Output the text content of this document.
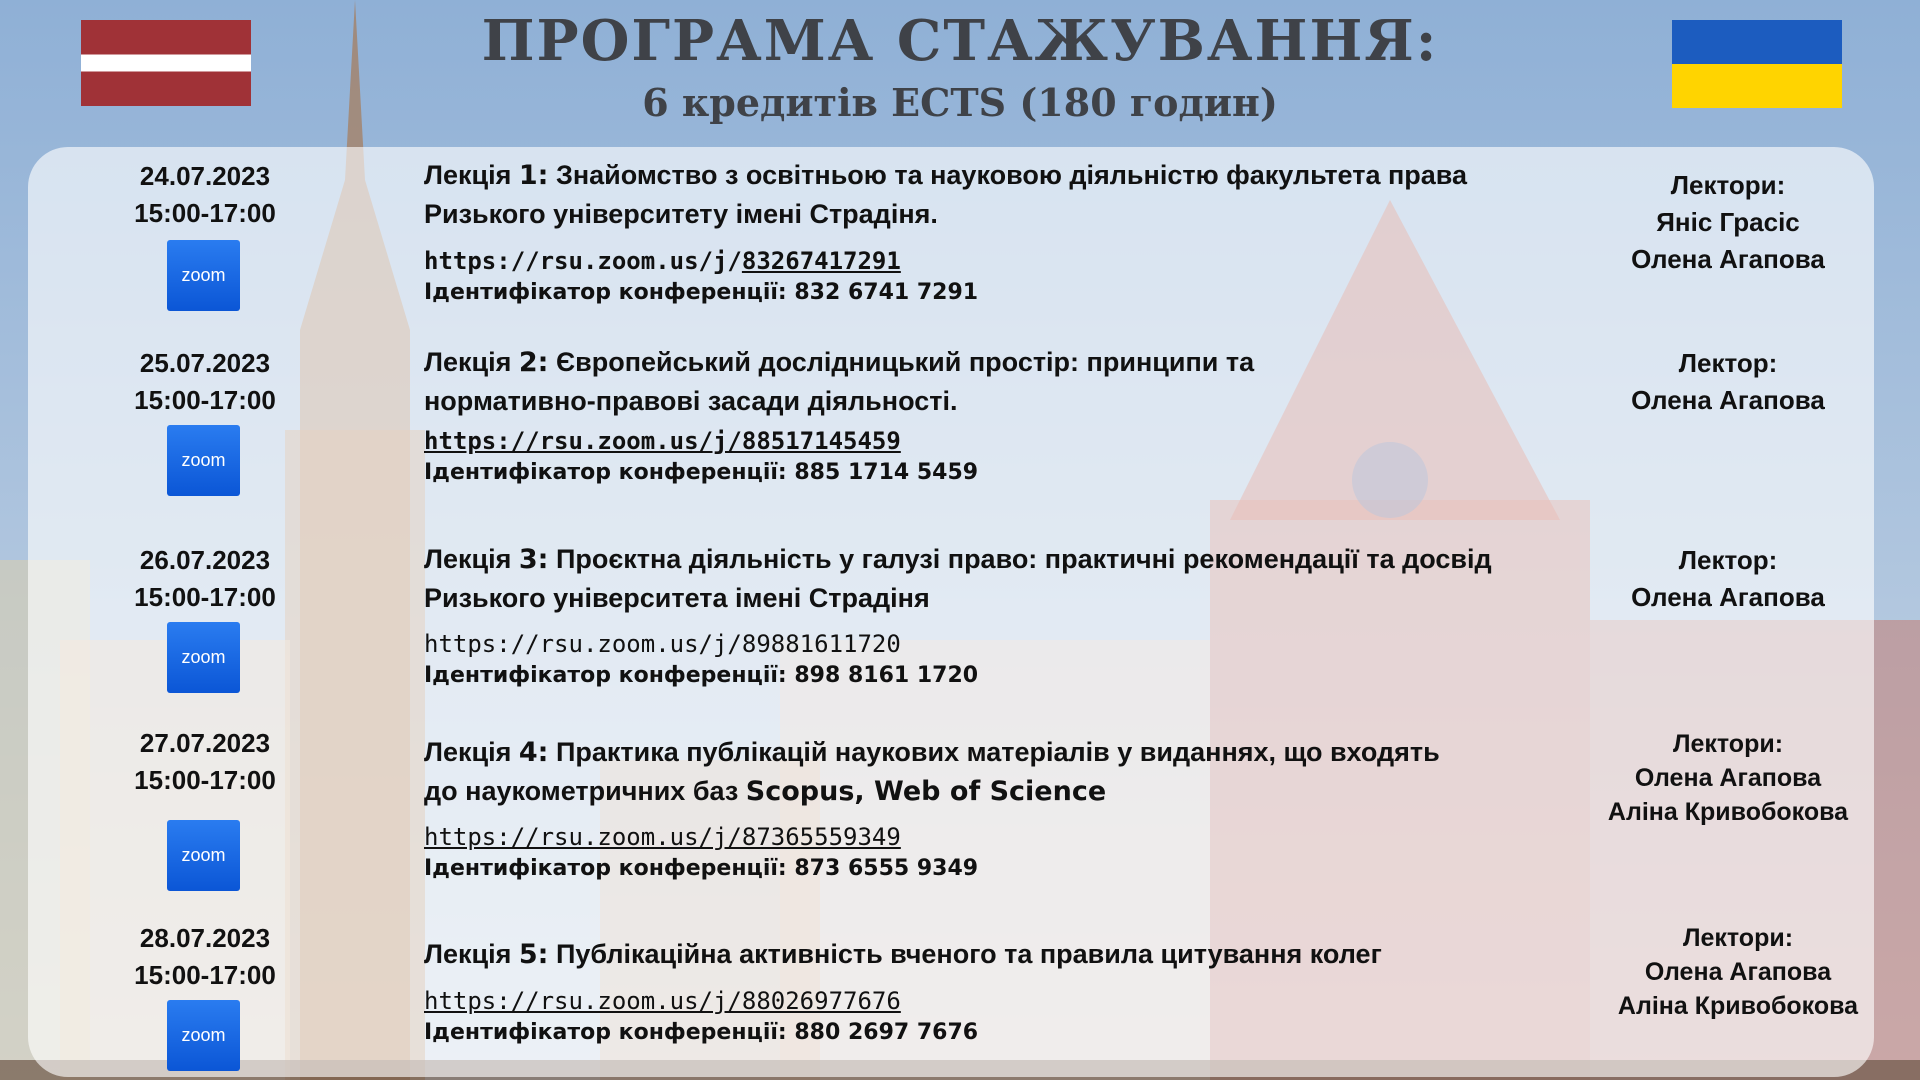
ПРОГРАМА СТАЖУВАННЯ:
6 кредитів ECTS (180 годин)
24.07.2023
15:00-17:00
zoom
Лекція 1: Знайомство з освітньою та науковою діяльністю факультета права Ризького університету імені Страдіня.
https://rsu.zoom.us/j/83267417291
Ідентифікатор конференції: 832 6741 7291
Лектори:
Яніс Грасіс
Олена Агапова
25.07.2023
15:00-17:00
zoom
Лекція 2: Європейський дослідницький простір: принципи та нормативно-правові засади діяльності.
https://rsu.zoom.us/j/88517145459
Ідентифікатор конференції: 885 1714 5459
Лектор:
Олена Агапова
26.07.2023
15:00-17:00
zoom
Лекція 3: Проєктна діяльність у галузі право: практичні рекомендації та досвід Ризького університета імені Страдіня
https://rsu.zoom.us/j/89881611720
Ідентифікатор конференції: 898 8161 1720
Лектор:
Олена Агапова
27.07.2023
15:00-17:00
zoom
Лекція 4: Практика публікацій наукових матеріалів у виданнях, що входять до наукометричних баз Scopus, Web of Science
https://rsu.zoom.us/j/87365559349
Ідентифікатор конференції: 873 6555 9349
Лектори:
Олена Агапова
Аліна Кривобокова
28.07.2023
15:00-17:00
zoom
Лекція 5: Публікаційна активність вченого та правила цитування колег
https://rsu.zoom.us/j/88026977676
Ідентифікатор конференції: 880 2697 7676
Лектори:
Олена Агапова
Аліна Кривобокова
